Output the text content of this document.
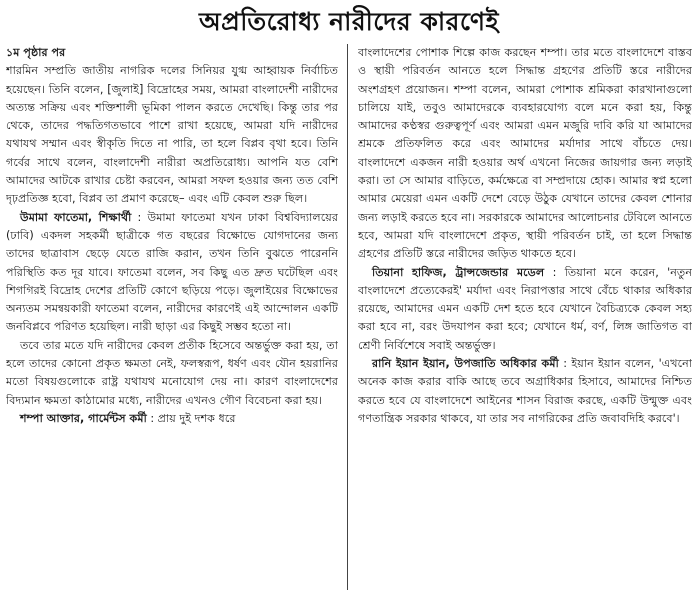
অপ্রতিরোধ্য নারীদের কারণেই
১ম পৃষ্ঠার পর

শারমিন সম্প্রতি জাতীয় নাগরিক দলের সিনিয়র যুগ্ম আহ্বায়ক নির্বাচিত হয়েছেন। তিনি বলেন, [জুলাই] বিদ্রোহের সময়, আমরা বাংলাদেশী নারীদের অত্যন্ত সক্রিয় এবং শক্তিশালী ভূমিকা পালন করতে দেখেছি। কিন্তু তার পর থেকে, তাদের পদ্ধতিগতভাবে পাশে রাখা হয়েছে, আমরা যদি নারীদের যথাযথ সম্মান এবং স্বীকৃতি দিতে না পারি, তা হলে বিপ্লব বৃথা হবে। তিনি গর্বের সাথে বলেন, বাংলাদেশী নারীরা অপ্রতিরোধ্য। আপনি যত বেশি আমাদের আটকে রাখার চেষ্টা করবেন, আমরা সফল হওয়ার জন্য তত বেশি দৃঢ়প্রতিজ্ঞ হবো, বিপ্লব তা প্রমাণ করেছে– এবং এটি কেবল শুরু ছিল।

উমামা ফাতেমা, শিক্ষার্থী : উমামা ফাতেমা যখন ঢাকা বিশ্ববিদ্যালয়ের (ঢাবি) একদল সহকর্মী ছাত্রীকে গত বছরের বিক্ষোভে যোগদানের জন্য তাদের ছাত্রাবাস ছেড়ে যেতে রাজি করান, তখন তিনি বুঝতে পারেননি পরিস্থিতি কত দূর যাবে। ফাতেমা বলেন, সব কিছু এত দ্রুত ঘটেছিল এবং শিগগিরই বিদ্রোহ দেশের প্রতিটি কোণে ছড়িয়ে পড়ে। জুলাইয়ের বিক্ষোভের অন্যতম সমন্বয়কারী ফাতেমা বলেন, নারীদের কারণেই এই আন্দোলন একটি জনবিপ্লবে পরিণত হয়েছিল। নারী ছাড়া এর কিছুই সম্ভব হতো না।

তবে তার মতে যদি নারীদের কেবল প্রতীক হিসেবে অন্তর্ভুক্ত করা হয়, তা হলে তাদের কোনো প্রকৃত ক্ষমতা নেই, ফলস্বরূপ, ধর্ষণ এবং যৌন হয়রানির মতো বিষয়গুলোকে রাষ্ট্র যথাযথ মনোযোগ দেয় না। কারণ বাংলাদেশের বিদ্যমান ক্ষমতা কাঠামোর মধ্যে, নারীদের এখনও গৌণ বিবেচনা করা হয়।

শম্পা আক্তার, গার্মেন্টস কর্মী : প্রায় দুই দশক ধরে

বাংলাদেশের পোশাক শিল্পে কাজ করছেন শম্পা। তার মতে বাংলাদেশে বাস্তব ও স্থায়ী পরিবর্তন আনতে হলে সিদ্ধান্ত গ্রহণের প্রতিটি স্তরে নারীদের অংশগ্রহণ প্রয়োজন। শম্পা বলেন, আমরা পোশাক শ্রমিকরা কারখানাগুলো চালিয়ে যাই, তবুও আমাদেরকে ব্যবহারযোগ্য বলে মনে করা হয়, কিন্তু আমাদের কণ্ঠস্বর গুরুত্বপূর্ণ এবং আমরা এমন মজুরি দাবি করি যা আমাদের শ্রমকে প্রতিফলিত করে এবং আমাদের মর্যাদার সাথে বাঁচতে দেয়। বাংলাদেশে একজন নারী হওয়ার অর্থ এখনো নিজের জায়গার জন্য লড়াই করা। তা সে আমার বাড়িতে, কর্মক্ষেত্রে বা সম্প্রদায়ে হোক। আমার স্বপ্ন হলো আমার মেয়েরা এমন একটি দেশে বেড়ে উঠুক যেখানে তাদের কেবল শোনার জন্য লড়াই করতে হবে না। সরকারকে আমাদের আলোচনার টেবিলে আনতে হবে, আমরা যদি বাংলাদেশে প্রকৃত, স্থায়ী পরিবর্তন চাই, তা হলে সিদ্ধান্ত গ্রহণের প্রতিটি স্তরে নারীদের জড়িত থাকতে হবে।

তিয়ানা হাফিজ, ট্রান্সজেন্ডার মডেল : তিয়ানা মনে করেন, 'নতুন বাংলাদেশে প্রত্যেকেরই' মর্যাদা এবং নিরাপত্তার সাথে বেঁচে থাকার অধিকার রয়েছে, আমাদের এমন একটি দেশ হতে হবে যেখানে বৈচিত্র্যকে কেবল সহ্য করা হবে না, বরং উদযাপন করা হবে; যেখানে ধর্ম, বর্ণ, লিঙ্গ জাতিগত বা শ্রেণী নির্বিশেষে সবাই অন্তর্ভুক্ত।

রানি ইয়ান ইয়ান, উপজাতি অধিকার কর্মী : ইয়ান ইয়ান বলেন, 'এখনো অনেক কাজ করার বাকি আছে তবে অগ্রাধিকার হিসাবে, আমাদের নিশ্চিত করতে হবে যে বাংলাদেশে আইনের শাসন বিরাজ করছে, একটি উন্মুক্ত এবং গণতান্ত্রিক সরকার থাকবে, যা তার সব নাগরিকের প্রতি জবাবদিহি করবে'।
